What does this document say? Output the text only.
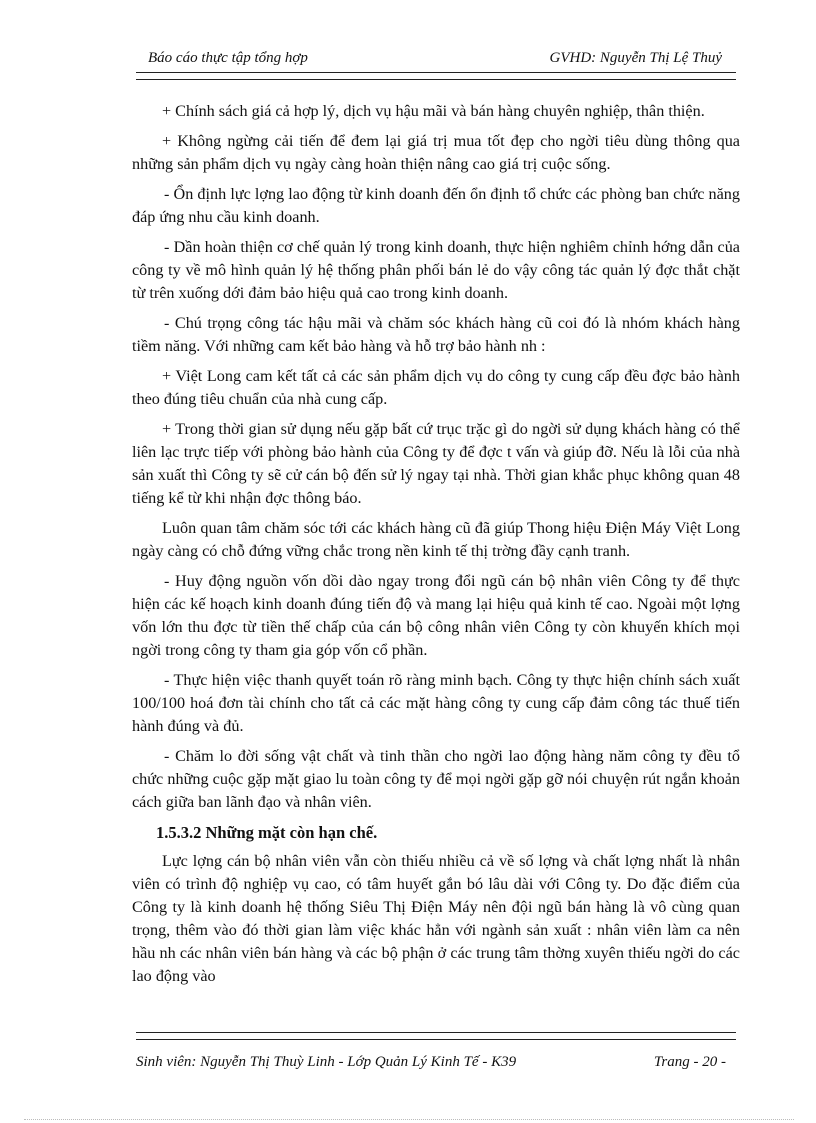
Báo cáo thực tập tổng hợp	GVHD: Nguyễn Thị Lệ Thuỷ

+ Chính sách giá cả hợp lý, dịch vụ hậu mãi và bán hàng chuyên nghiệp, thân thiện.

+ Không ngừng cải tiến để đem lại giá trị mua tốt đẹp cho ngời tiêu dùng thông qua những sản phẩm dịch vụ ngày càng hoàn thiện nâng cao giá trị cuộc sống.

- Ổn định lực lợng lao động từ kinh doanh đến ổn định tổ chức các phòng ban chức năng đáp ứng nhu cầu kinh doanh.

- Dần hoàn thiện cơ chế quản lý trong kinh doanh, thực hiện nghiêm chỉnh hớng dẫn của công ty về mô hình quản lý hệ thống phân phối bán lẻ do vậy công tác quản lý đợc thắt chặt từ trên xuống dới đảm bảo hiệu quả cao trong kinh doanh.

- Chú trọng công tác hậu mãi và chăm sóc khách hàng cũ coi đó là nhóm khách hàng tiềm năng. Với những cam kết bảo hàng và hỗ trợ bảo hành nh :

+ Việt Long cam kết tất cả các sản phẩm dịch vụ do công ty cung cấp đều đợc bảo hành theo đúng tiêu chuẩn của nhà cung cấp.

+ Trong thời gian sử dụng nếu gặp bất cứ trục trặc gì do ngời sử dụng khách hàng có thể liên lạc trực tiếp với phòng bảo hành của Công ty để đợc t vấn và giúp đỡ. Nếu là lỗi của nhà sản xuất thì Công ty sẽ cử cán bộ đến sử lý ngay tại nhà. Thời gian khắc phục không quan 48 tiếng kể từ khi nhận đợc thông báo.

Luôn quan tâm chăm sóc tới các khách hàng cũ đã giúp Thong hiệu Điện Máy Việt Long ngày càng có chỗ đứng vững chắc trong nền kinh tế thị trờng đầy cạnh tranh.

- Huy động nguồn vốn dồi dào ngay trong đổi ngũ cán bộ nhân viên Công ty để thực hiện các kế hoạch kinh doanh đúng tiến độ và mang lại hiệu quả kinh tế cao. Ngoài một lợng vốn lớn thu đợc từ tiền thế chấp của cán bộ công nhân viên Công ty còn khuyến khích mọi ngời trong công ty tham gia góp vốn cổ phần.

- Thực hiện việc thanh quyết toán rõ ràng minh bạch. Công ty thực hiện chính sách xuất 100/100 hoá đơn tài chính cho tất cả các mặt hàng công ty cung cấp đảm công tác thuế tiến hành đúng và đủ.

- Chăm lo đời sống vật chất và tinh thần cho ngời lao động hàng năm công ty đều tổ chức những cuộc gặp mặt giao lu toàn công ty để mọi ngời gặp gỡ nói chuyện rút ngắn khoản cách giữa ban lãnh đạo và nhân viên.

1.5.3.2 Những mặt còn hạn chế.

Lực lợng cán bộ nhân viên vẫn còn thiếu nhiều cả về số lợng và chất lợng nhất là nhân viên có trình độ nghiệp vụ cao, có tâm huyết gắn bó lâu dài với Công ty. Do đặc điểm của Công ty là kinh doanh hệ thống Siêu Thị Điện Máy nên đội ngũ bán hàng là vô cùng quan trọng, thêm vào đó thời gian làm việc khác hẳn với ngành sản xuất : nhân viên làm ca nên hầu nh các nhân viên bán hàng và các bộ phận ở các trung tâm thờng xuyên thiếu ngời do các lao động vào

Sinh viên: Nguyễn Thị Thuỳ Linh - Lớp Quản Lý Kinh Tế - K39	Trang - 20 -
